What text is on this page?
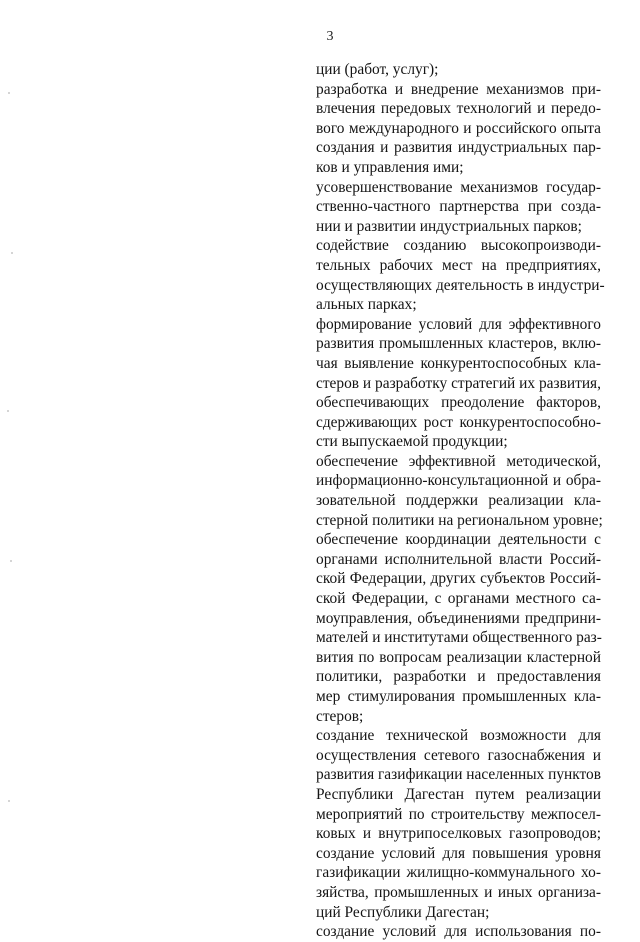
3
ции (работ, услуг);
разработка и внедрение механизмов при-
влечения передовых технологий и передо-
вого международного и российского опыта
создания и развития индустриальных пар-
ков и управления ими;
усовершенствование механизмов государ-
ственно-частного партнерства при созда-
нии и развитии индустриальных парков;
содействие созданию высокопроизводи-
тельных рабочих мест на предприятиях,
осуществляющих деятельность в индустри-
альных парках;
формирование условий для эффективного
развития промышленных кластеров, вклю-
чая выявление конкурентоспособных кла-
стеров и разработку стратегий их развития,
обеспечивающих преодоление факторов,
сдерживающих рост конкурентоспособно-
сти выпускаемой продукции;
обеспечение эффективной методической,
информационно-консультационной и обра-
зовательной поддержки реализации кла-
стерной политики на региональном уровне;
обеспечение координации деятельности с
органами исполнительной власти Россий-
ской Федерации, других субъектов Россий-
ской Федерации, с органами местного са-
моуправления, объединениями предприни-
мателей и институтами общественного раз-
вития по вопросам реализации кластерной
политики, разработки и предоставления
мер стимулирования промышленных кла-
стеров;
создание технической возможности для
осуществления сетевого газоснабжения и
развития газификации населенных пунктов
Республики Дагестан путем реализации
мероприятий по строительству межпосел-
ковых и внутрипоселковых газопроводов;
создание условий для повышения уровня
газификации жилищно-коммунального хо-
зяйства, промышленных и иных организа-
ций Республики Дагестан;
создание условий для использования по-
